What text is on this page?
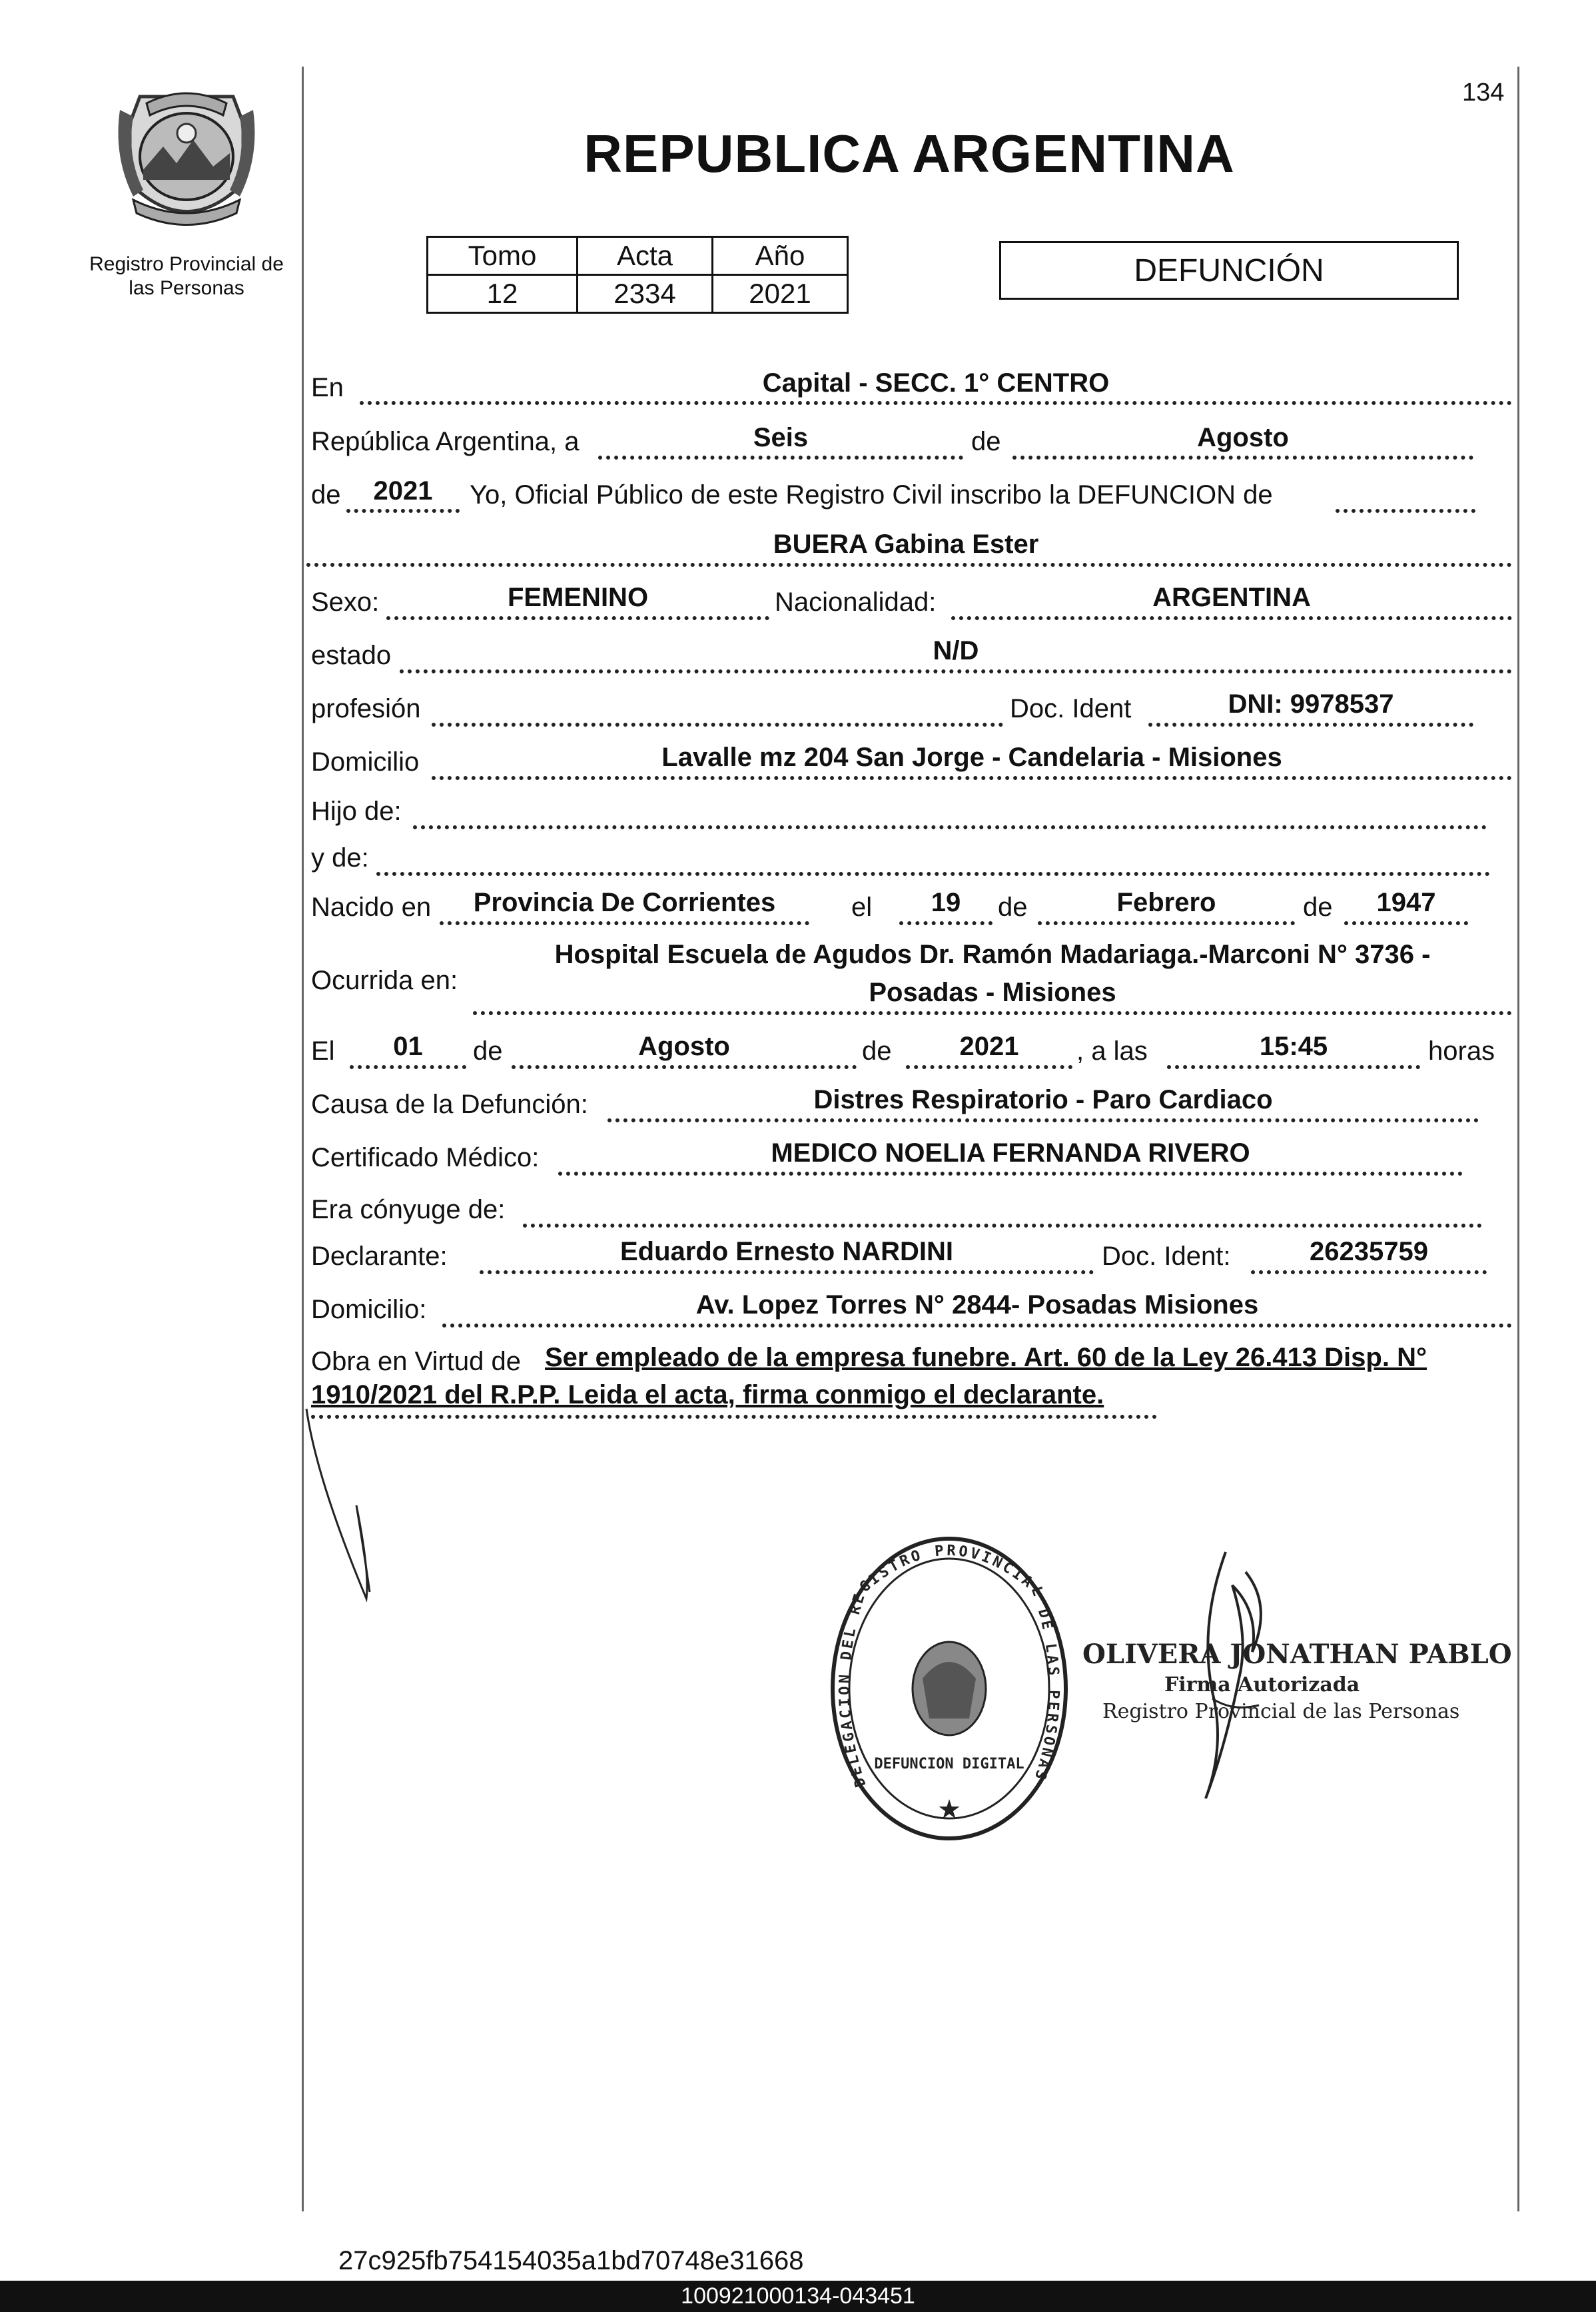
Registro Provincial de
las Personas
134
REPUBLICA ARGENTINA
Tomo	Acta	Año
12	2334	2021
DEFUNCIÓN
En	Capital - SECC. 1° CENTRO
República Argentina, a	Seis	de	Agosto
de	2021	Yo, Oficial Público de este Registro Civil inscribo la DEFUNCION de
BUERA Gabina Ester
Sexo:	FEMENINO	Nacionalidad:	ARGENTINA
estado	N/D
profesión	Doc. Ident	DNI: 9978537
Domicilio	Lavalle mz 204 San Jorge - Candelaria - Misiones
Hijo de:
y de:
Nacido en	Provincia De Corrientes	el	19	de	Febrero	de	1947
Ocurrida en:
Hospital Escuela de Agudos Dr. Ramón Madariaga.-Marconi N° 3736 -
Posadas - Misiones
El	01	de	Agosto	de	2021	, a las	15:45	horas
Causa de la Defunción:	Distres Respiratorio - Paro Cardiaco
Certificado Médico:	MEDICO NOELIA FERNANDA RIVERO
Era cónyuge de:
Declarante:	Eduardo Ernesto NARDINI	Doc. Ident:	26235759
Domicilio:	Av. Lopez Torres N° 2844- Posadas Misiones
Obra en Virtud de Ser empleado de la empresa funebre. Art. 60 de la Ley 26.413 Disp. N°
1910/2021 del R.P.P. Leida el acta, firma conmigo el declarante.
DELEGACION DEL REGISTRO PROVINCIAL DE LAS PERSONAS
DEFUNCION DIGITAL
★
OLIVERA JONATHAN PABLO
Firma Autorizada
Registro Provincial de las Personas
27c925fb754154035a1bd70748e31668
100921000134-043451
